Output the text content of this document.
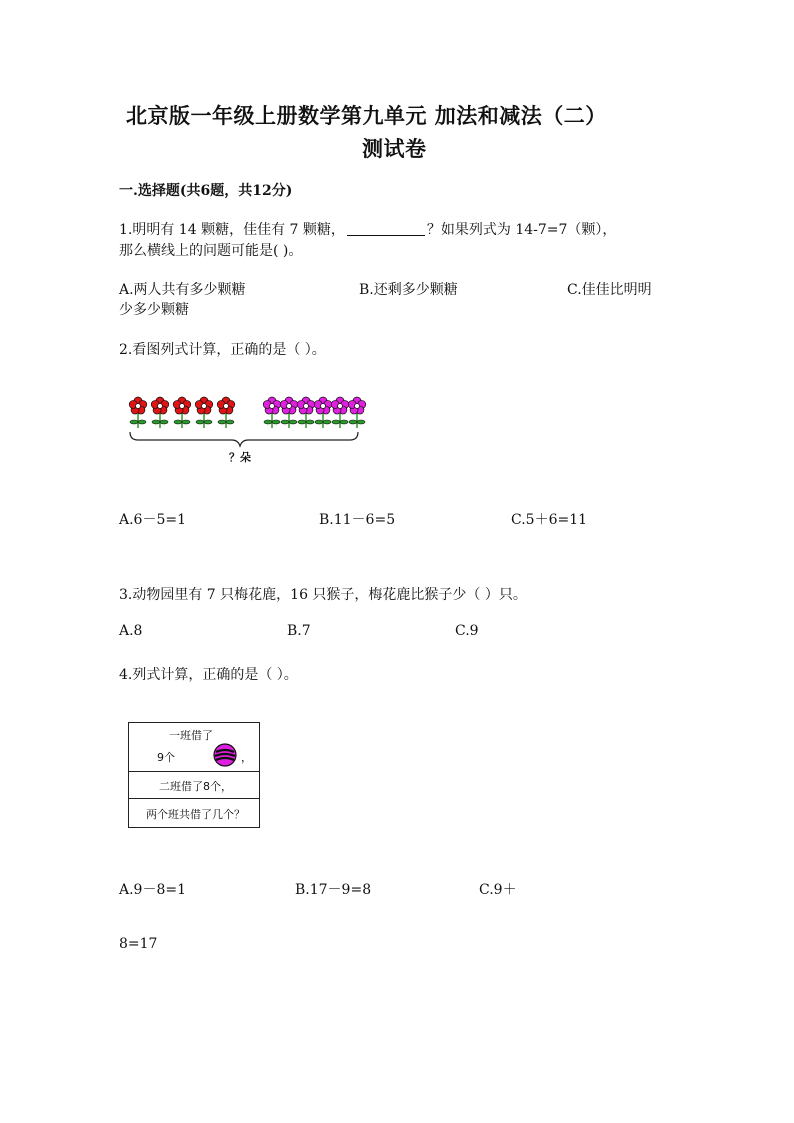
北京版一年级上册数学第九单元 加法和减法（二）
测试卷
一.选择题(共6题，共12分)
1.明明有 14 颗糖，佳佳有 7 颗糖，	？如果列式为 14-7=7（颗），
那么横线上的问题可能是( )。
A.两人共有多少颗糖	B.还剩多少颗糖	C.佳佳比明明
少多少颗糖
2.看图列式计算，正确的是（ ）。
？朵
A.6－5=1	B.11－6=5	C.5＋6=11
3.动物园里有 7 只梅花鹿，16 只猴子，梅花鹿比猴子少（ ）只。
A.8	B.7	C.9
4.列式计算，正确的是（ ）。
一班借了
9个	，
二班借了8个，
两个班共借了几个？
A.9－8=1	B.17－9=8	C.9＋
8=17
